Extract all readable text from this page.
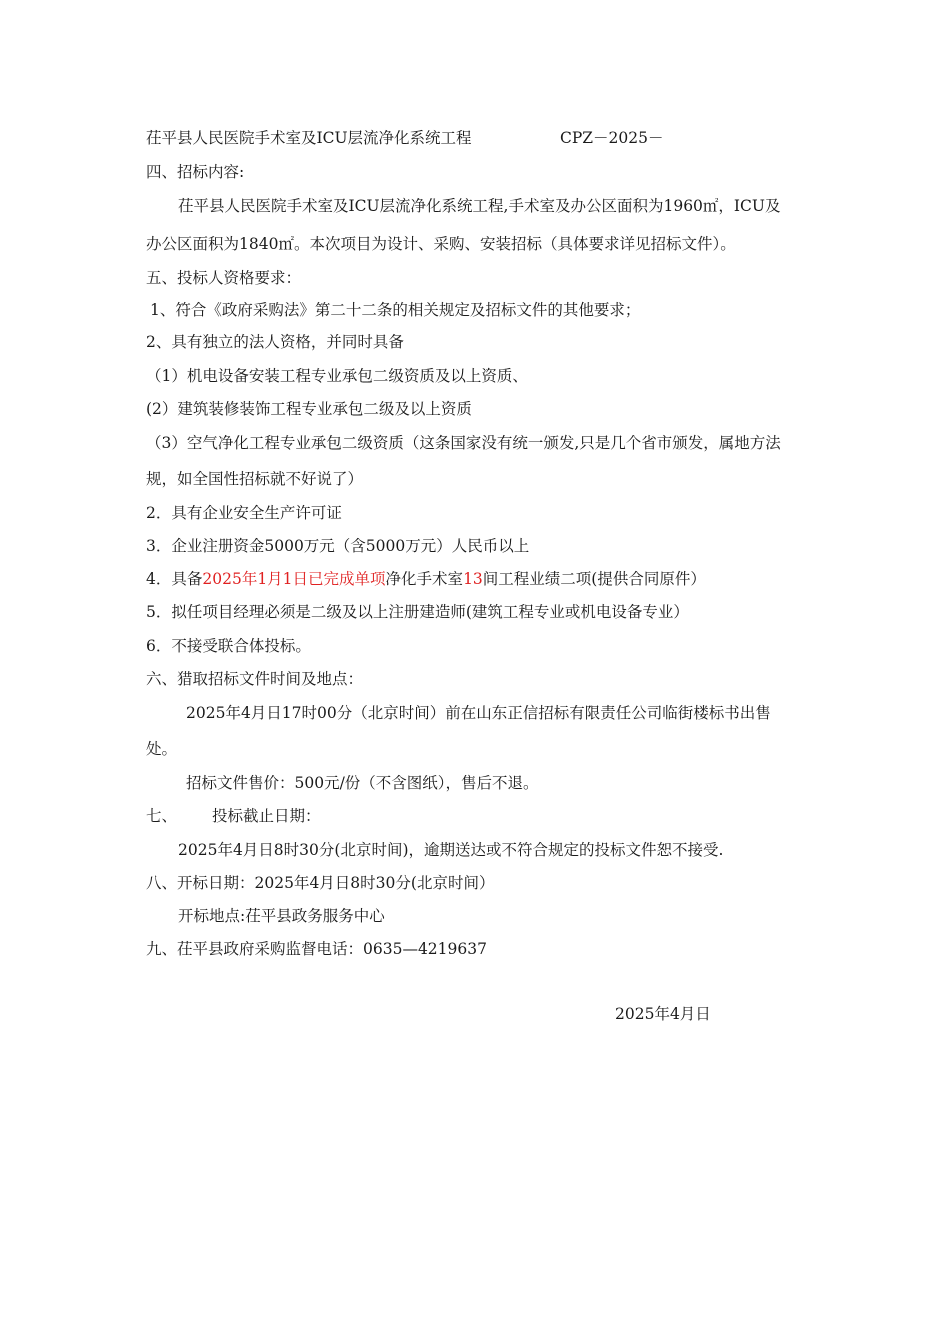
茌平县人民医院手术室及ICU层流净化系统工程	CPZ－2025－
四、招标内容:
茌平县人民医院手术室及ICU层流净化系统工程,手术室及办公区面积为1960㎡，ICU及
办公区面积为1840㎡。本次项目为设计、采购、安装招标（具体要求详见招标文件）。
五、投标人资格要求：
1、符合《政府采购法》第二十二条的相关规定及招标文件的其他要求；
2、具有独立的法人资格，并同时具备
（1）机电设备安装工程专业承包二级资质及以上资质、
(2）建筑装修装饰工程专业承包二级及以上资质
（3）空气净化工程专业承包二级资质（这条国家没有统一颁发,只是几个省市颁发，属地方法
规，如全国性招标就不好说了）
2．具有企业安全生产许可证
3．企业注册资金5000万元（含5000万元）人民币以上
4．具备2025年1月1日已完成单项净化手术室13间工程业绩二项(提供合同原件）
5．拟任项目经理必须是二级及以上注册建造师(建筑工程专业或机电设备专业）
6．不接受联合体投标。
六、猎取招标文件时间及地点：
2025年4月日17时00分（北京时间）前在山东正信招标有限责任公司临街楼标书出售
处。
招标文件售价：500元/份（不含图纸），售后不退。
七、 投标截止日期：
2025年4月日8时30分(北京时间)，逾期送达或不符合规定的投标文件恕不接受.
八、开标日期：2025年4月日8时30分(北京时间）
开标地点:茌平县政务服务中心
九、茌平县政府采购监督电话：0635—4219637
2025年4月日
